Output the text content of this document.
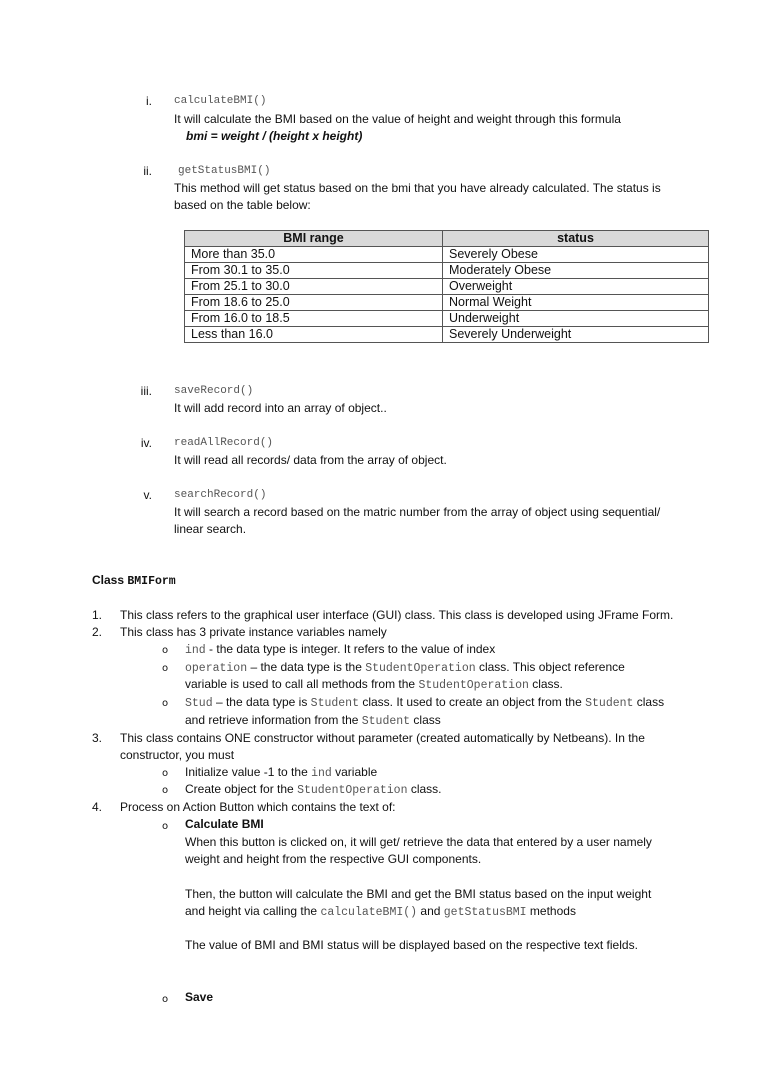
i. calculateBMI()
It will calculate the BMI based on the value of height and weight through this formula
bmi = weight / (height x height)
ii. getStatusBMI()
This method will get status based on the bmi that you have already calculated. The status is
based on the table below:
BMI range	status
More than 35.0	Severely Obese
From 30.1 to 35.0	Moderately Obese
From 25.1 to 30.0	Overweight
From 18.6 to 25.0	Normal Weight
From 16.0 to 18.5	Underweight
Less than 16.0	Severely Underweight
iii. saveRecord()
It will add record into an array of object..
iv. readAllRecord()
It will read all records/ data from the array of object.
v. searchRecord()
It will search a record based on the matric number from the array of object using sequential/
linear search.
Class BMIForm
1. This class refers to the graphical user interface (GUI) class. This class is developed using JFrame Form.
2. This class has 3 private instance variables namely
o ind - the data type is integer. It refers to the value of index
o operation – the data type is the StudentOperation class. This object reference
variable is used to call all methods from the StudentOperation class.
o Stud – the data type is Student class. It used to create an object from the Student class
and retrieve information from the Student class
3. This class contains ONE constructor without parameter (created automatically by Netbeans). In the
constructor, you must
o Initialize value -1 to the ind variable
o Create object for the StudentOperation class.
4. Process on Action Button which contains the text of:
o Calculate BMI
When this button is clicked on, it will get/ retrieve the data that entered by a user namely
weight and height from the respective GUI components.
Then, the button will calculate the BMI and get the BMI status based on the input weight
and height via calling the calculateBMI() and getStatusBMI methods
The value of BMI and BMI status will be displayed based on the respective text fields.
o Save
